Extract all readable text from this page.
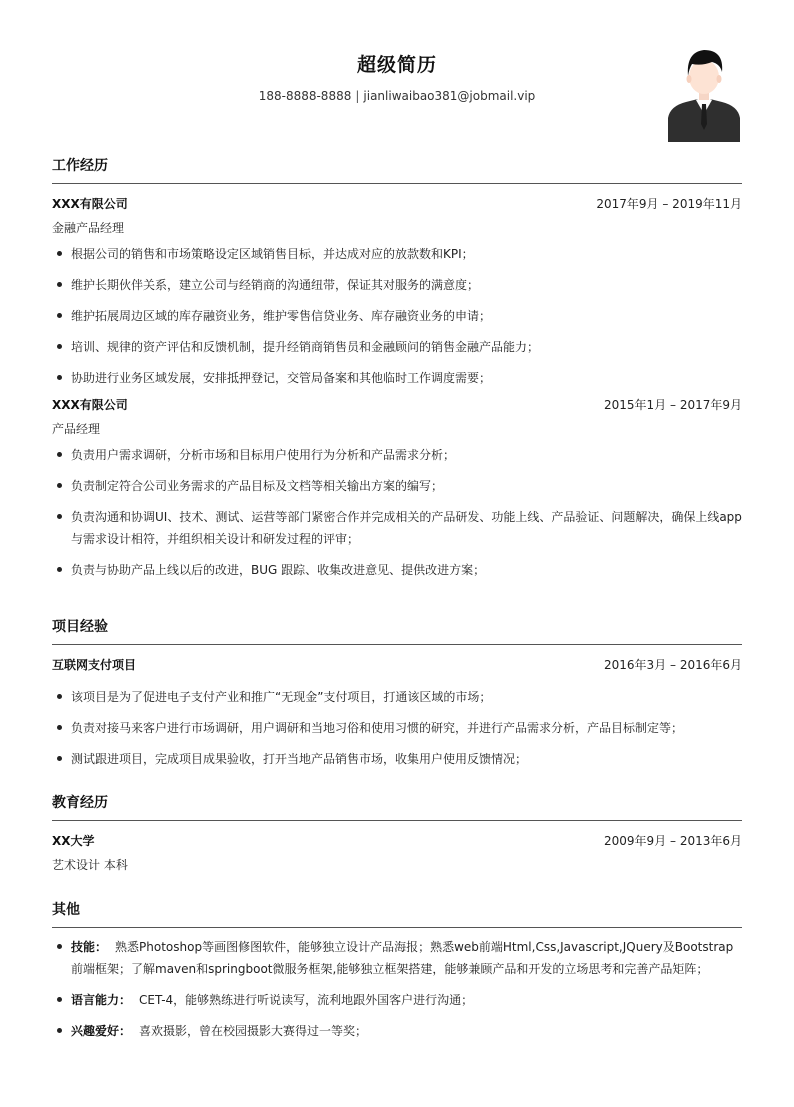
超级简历
188-8888-8888 | jianliwaibao381@jobmail.vip
工作经历
XXX有限公司	2017年9月 – 2019年11月
金融产品经理
根据公司的销售和市场策略设定区域销售目标，并达成对应的放款数和KPI；
维护长期伙伴关系，建立公司与经销商的沟通纽带，保证其对服务的满意度；
维护拓展周边区域的库存融资业务，维护零售信贷业务、库存融资业务的申请；
培训、规律的资产评估和反馈机制，提升经销商销售员和金融顾问的销售金融产品能力；
协助进行业务区域发展，安排抵押登记，交管局备案和其他临时工作调度需要；
XXX有限公司	2015年1月 – 2017年9月
产品经理
负责用户需求调研，分析市场和目标用户使用行为分析和产品需求分析；
负责制定符合公司业务需求的产品目标及文档等相关输出方案的编写；
负责沟通和协调UI、技术、测试、运营等部门紧密合作并完成相关的产品研发、功能上线、产品验证、问题解决，确保上线app与需求设计相符，并组织相关设计和研发过程的评审；
负责与协助产品上线以后的改进，BUG 跟踪、收集改进意见、提供改进方案；
项目经验
互联网支付项目	2016年3月 – 2016年6月
该项目是为了促进电子支付产业和推广“无现金”支付项目，打通该区域的市场；
负责对接马来客户进行市场调研，用户调研和当地习俗和使用习惯的研究，并进行产品需求分析，产品目标制定等；
测试跟进项目，完成项目成果验收，打开当地产品销售市场，收集用户使用反馈情况；
教育经历
XX大学	2009年9月 – 2013年6月
艺术设计 本科
其他
技能： 熟悉Photoshop等画图修图软件，能够独立设计产品海报；熟悉web前端Html,Css,Javascript,JQuery及Bootstrap前端框架；了解maven和springboot微服务框架,能够独立框架搭建，能够兼顾产品和开发的立场思考和完善产品矩阵；
语言能力： CET-4，能够熟练进行听说读写，流利地跟外国客户进行沟通；
兴趣爱好： 喜欢摄影，曾在校园摄影大赛得过一等奖；
